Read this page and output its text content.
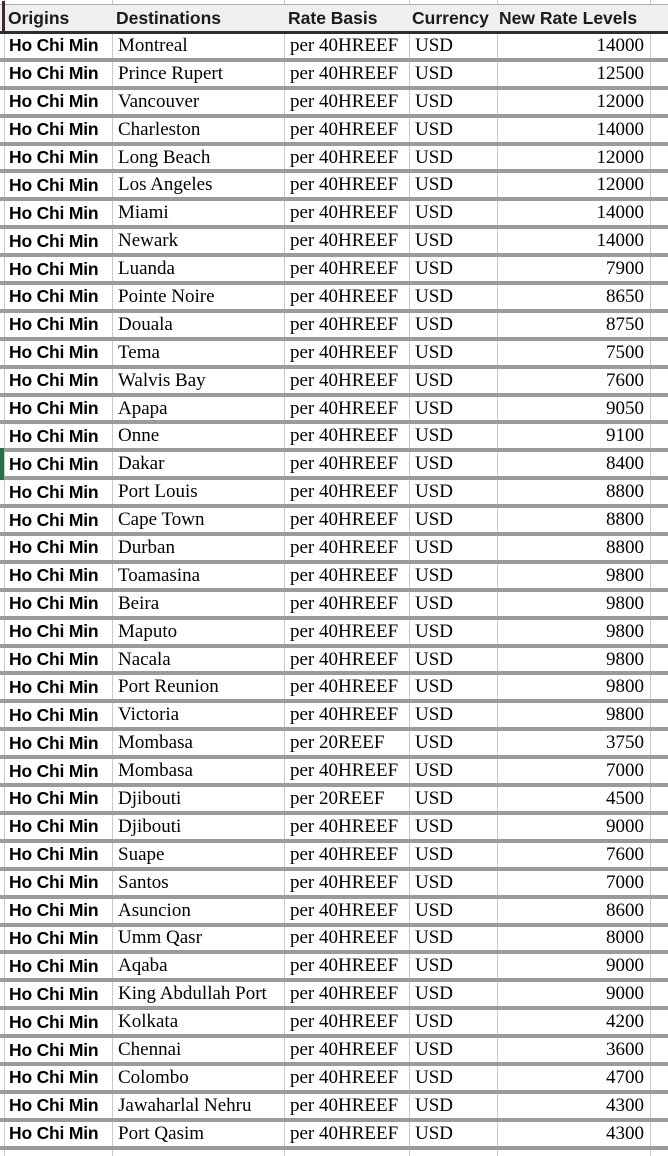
Origins	Destinations	Rate Basis	Currency New Rate Levels
Ho Chi Min	Montreal	per 40HREEF USD	14000
Ho Chi Min	Prince Rupert	per 40HREEF USD	12500
Ho Chi Min	Vancouver	per 40HREEF USD	12000
Ho Chi Min	Charleston	per 40HREEF USD	14000
Ho Chi Min	Long Beach	per 40HREEF USD	12000
Ho Chi Min	Los Angeles	per 40HREEF USD	12000
Ho Chi Min	Miami	per 40HREEF USD	14000
Ho Chi Min	Newark	per 40HREEF USD	14000
Ho Chi Min	Luanda	per 40HREEF USD	7900
Ho Chi Min	Pointe Noire	per 40HREEF USD	8650
Ho Chi Min	Douala	per 40HREEF USD	8750
Ho Chi Min	Tema	per 40HREEF USD	7500
Ho Chi Min	Walvis Bay	per 40HREEF USD	7600
Ho Chi Min	Apapa	per 40HREEF USD	9050
Ho Chi Min	Onne	per 40HREEF USD	9100
Ho Chi Min	Dakar	per 40HREEF USD	8400
Ho Chi Min	Port Louis	per 40HREEF USD	8800
Ho Chi Min	Cape Town	per 40HREEF USD	8800
Ho Chi Min	Durban	per 40HREEF USD	8800
Ho Chi Min	Toamasina	per 40HREEF USD	9800
Ho Chi Min	Beira	per 40HREEF USD	9800
Ho Chi Min	Maputo	per 40HREEF USD	9800
Ho Chi Min	Nacala	per 40HREEF USD	9800
Ho Chi Min	Port Reunion	per 40HREEF USD	9800
Ho Chi Min	Victoria	per 40HREEF USD	9800
Ho Chi Min	Mombasa	per 20REEF	USD	3750
Ho Chi Min	Mombasa	per 40HREEF USD	7000
Ho Chi Min	Djibouti	per 20REEF	USD	4500
Ho Chi Min	Djibouti	per 40HREEF USD	9000
Ho Chi Min	Suape	per 40HREEF USD	7600
Ho Chi Min	Santos	per 40HREEF USD	7000
Ho Chi Min	Asuncion	per 40HREEF USD	8600
Ho Chi Min	Umm Qasr	per 40HREEF USD	8000
Ho Chi Min	Aqaba	per 40HREEF USD	9000
Ho Chi Min	King Abdullah Port	per 40HREEF USD	9000
Ho Chi Min	Kolkata	per 40HREEF USD	4200
Ho Chi Min	Chennai	per 40HREEF USD	3600
Ho Chi Min	Colombo	per 40HREEF USD	4700
Ho Chi Min	Jawaharlal Nehru	per 40HREEF USD	4300
Ho Chi Min	Port Qasim	per 40HREEF USD	4300
